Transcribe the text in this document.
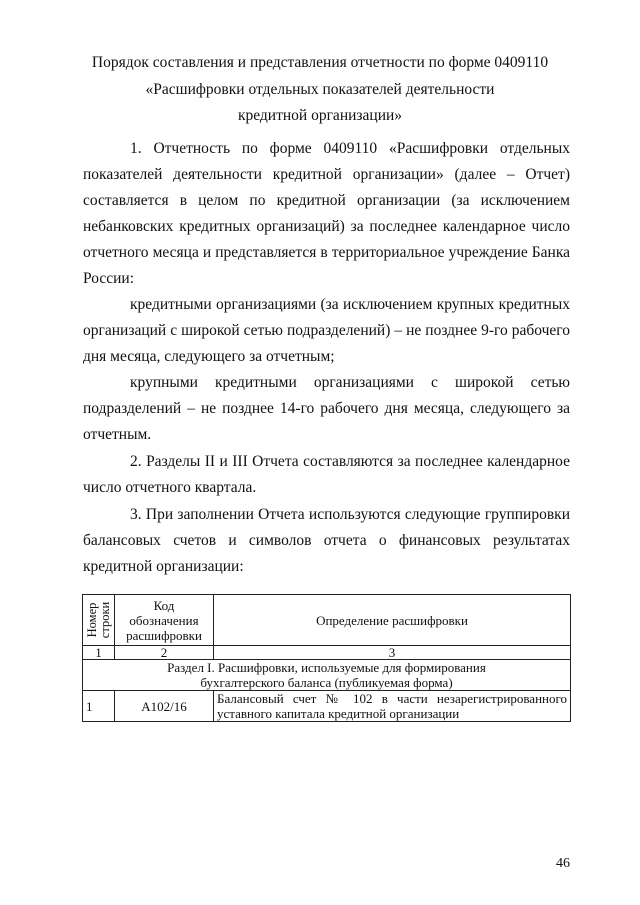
Порядок составления и представления отчетности по форме 0409110
«Расшифровки отдельных показателей деятельности
кредитной организации»
1. Отчетность по форме 0409110 «Расшифровки отдельных
показателей деятельности кредитной организации» (далее – Отчет)
составляется в целом по кредитной организации (за исключением
небанковских кредитных организаций) за последнее календарное число
отчетного месяца и представляется в территориальное учреждение Банка
России:
кредитными организациями (за исключением крупных кредитных
организаций с широкой сетью подразделений) – не позднее 9-го рабочего
дня месяца, следующего за отчетным;
крупными кредитными организациями с широкой сетью
подразделений – не позднее 14-го рабочего дня месяца, следующего за
отчетным.
2. Разделы II и III Отчета составляются за последнее календарное
число отчетного квартала.
3. При заполнении Отчета используются следующие группировки
балансовых счетов и символов отчета о финансовых результатах
кредитной организации:
Номер
строки	Код обозначения расшифровки	Определение расшифровки
1	2	3
Раздел I. Расшифровки, используемые для формирования
бухгалтерского баланса (публикуемая форма)		
1	А102/16	Балансовый счет № 102 в части незарегистрированного
уставного капитала кредитной организации
46
